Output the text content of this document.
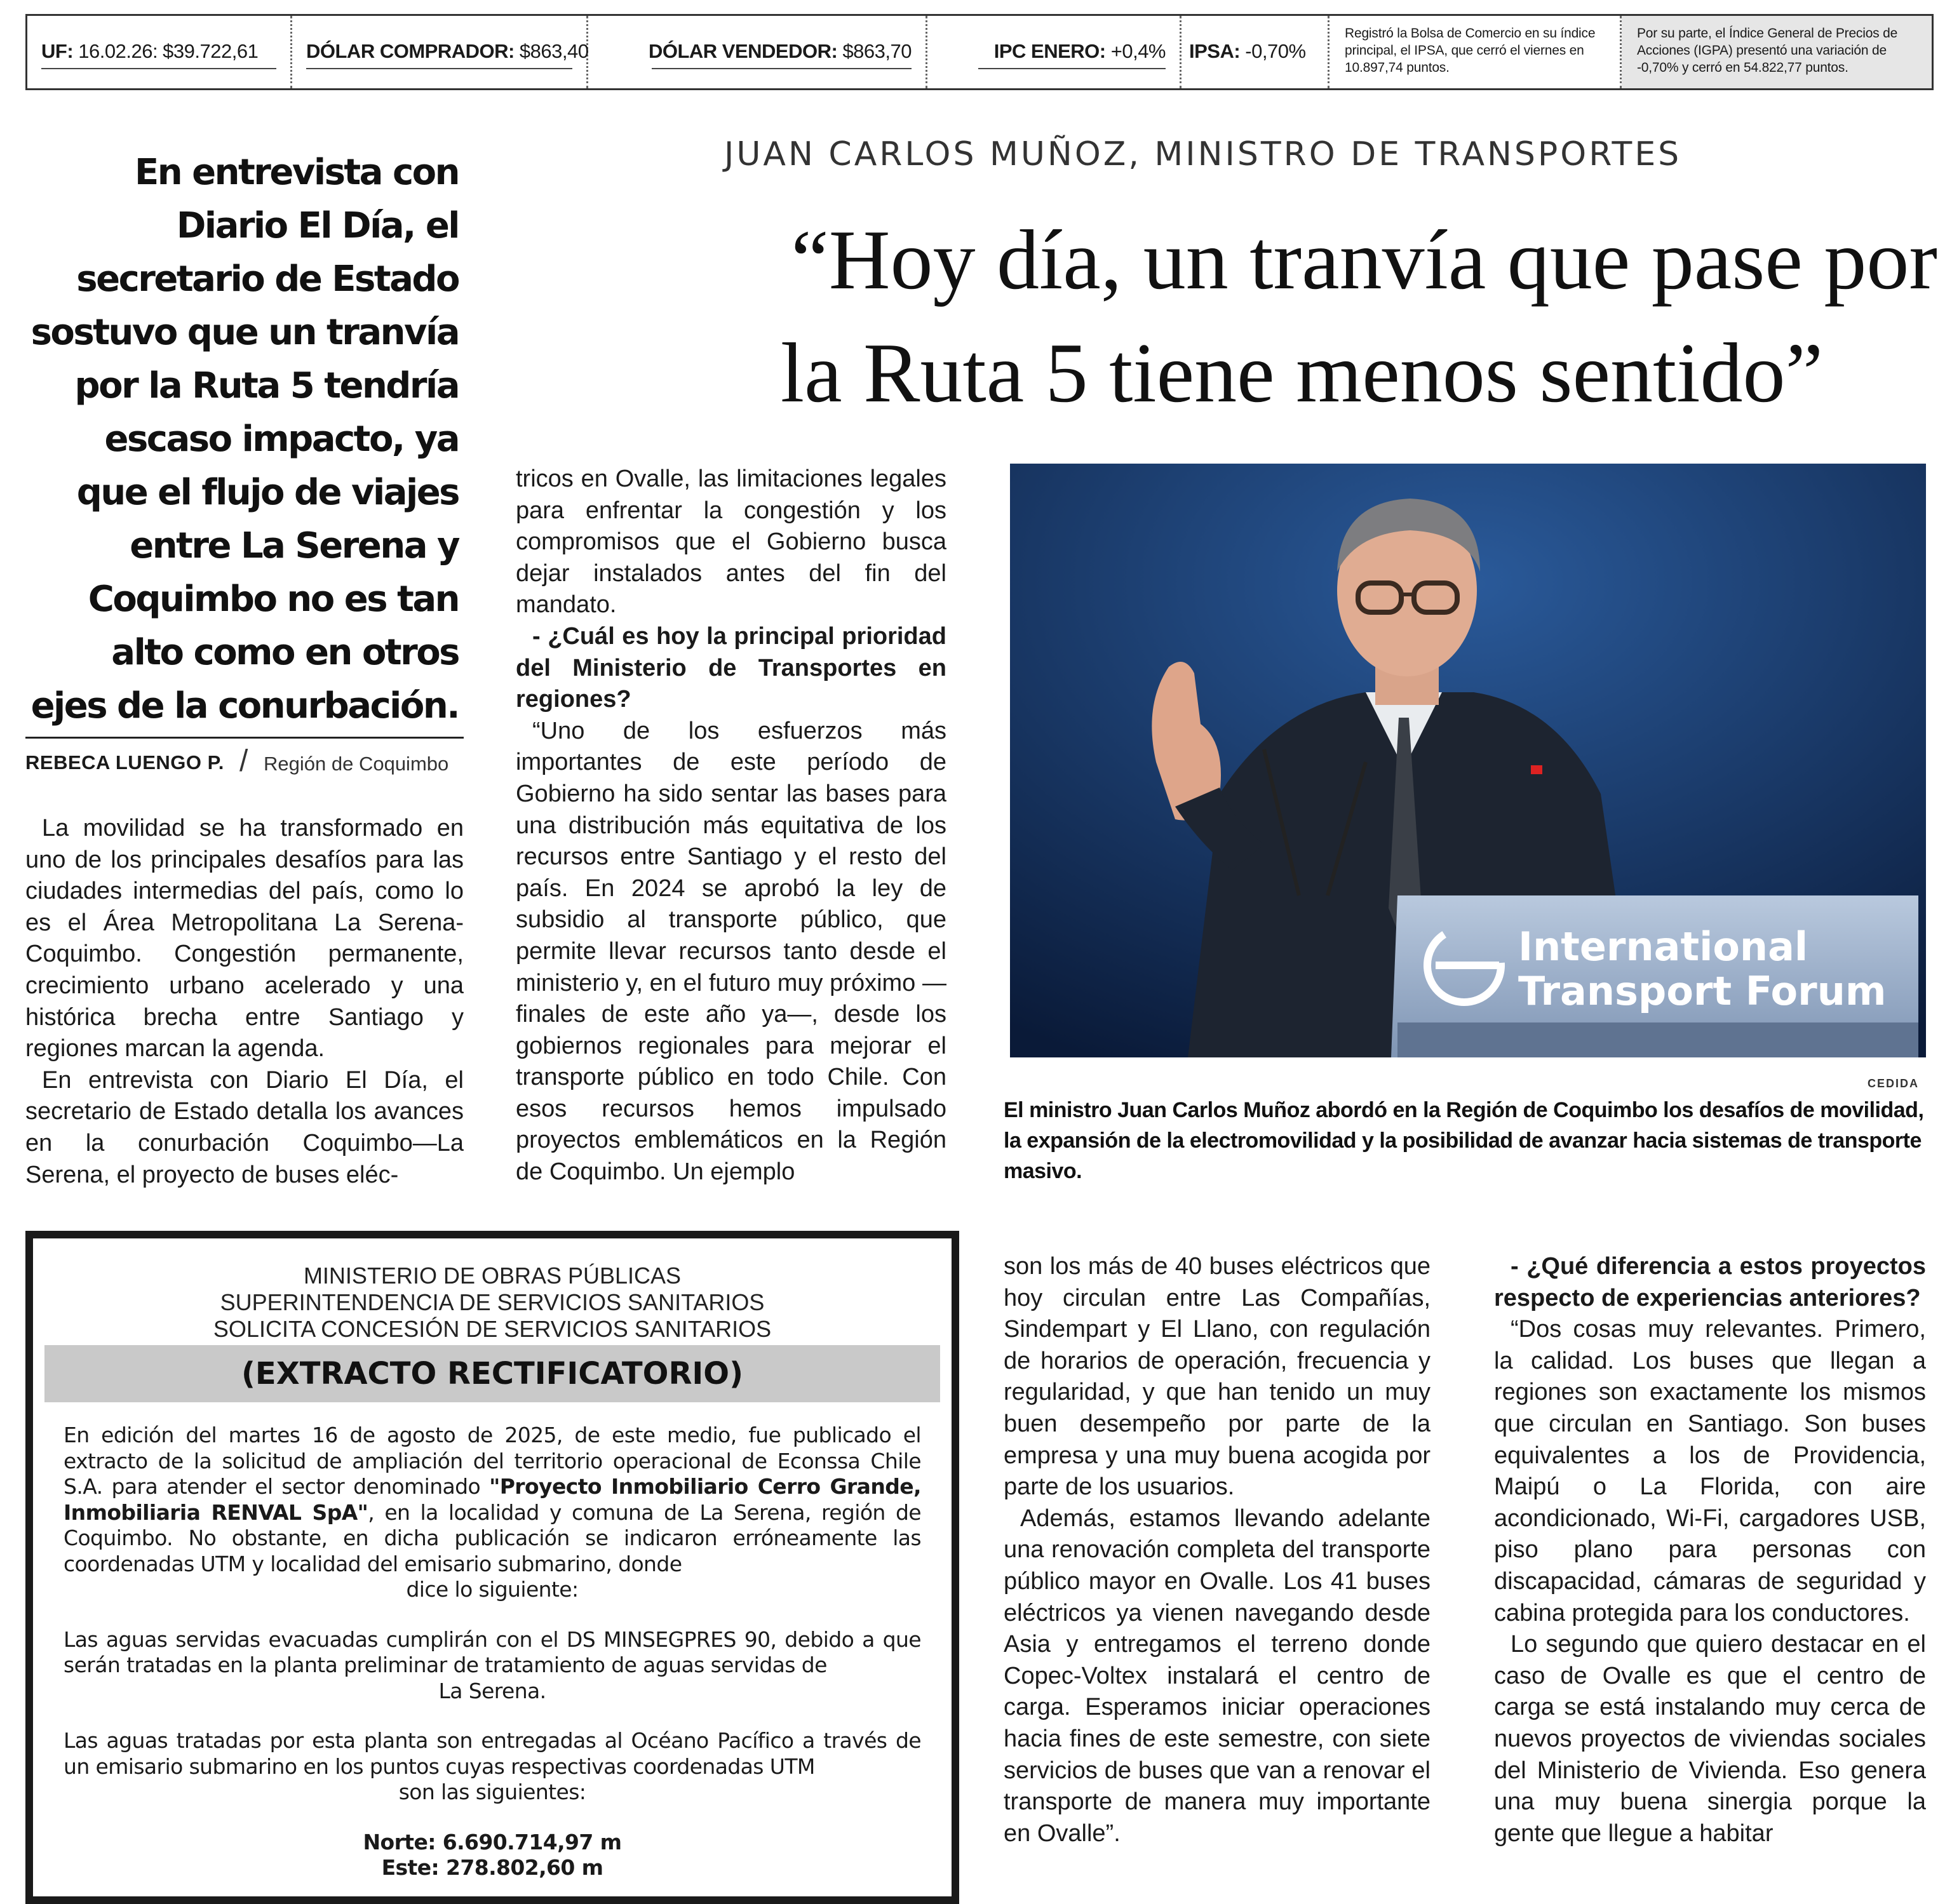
UF: 16.02.26: $39.722,61	DÓLAR COMPRADOR: $863,40	DÓLAR VENDEDOR: $863,70	IPC ENERO: +0,4%	IPSA: -0,70%
Registró la Bolsa de Comercio en su índice principal, el IPSA, que cerró el viernes en 10.897,74 puntos.
Por su parte, el Índice General de Precios de Acciones (IGPA) presentó una variación de -0,70% y cerró en 54.822,77 puntos.
JUAN CARLOS MUÑOZ, MINISTRO DE TRANSPORTES
“Hoy día, un tranvía que pase por
la Ruta 5 tiene menos sentido”
En entrevista con Diario El Día, el secretario de Estado sostuvo que un tranvía por la Ruta 5 tendría escaso impacto, ya que el flujo de viajes entre La Serena y Coquimbo no es tan alto como en otros ejes de la conurbación.
REBECA LUENGO P. / Región de Coquimbo

La movilidad se ha transformado en uno de los principales desafíos para las ciudades intermedias del país, como lo es el Área Metropolitana La Serena-Coquimbo. Congestión permanente, crecimiento urbano acelerado y una histórica brecha entre Santiago y regiones marcan la agenda.

En entrevista con Diario El Día, el secretario de Estado detalla los avances en la conurbación Coquimbo—La Serena, el proyecto de buses eléc-

tricos en Ovalle, las limitaciones legales para enfrentar la congestión y los compromisos que el Gobierno busca dejar instalados antes del fin del mandato.

- ¿Cuál es hoy la principal prioridad del Ministerio de Transportes en regiones?

“Uno de los esfuerzos más importantes de este período de Gobierno ha sido sentar las bases para una distribución más equitativa de los recursos entre Santiago y el resto del país. En 2024 se aprobó la ley de subsidio al transporte público, que permite llevar recursos tanto desde el ministerio y, en el futuro muy próximo —finales de este año ya—, desde los gobiernos regionales para mejorar el transporte público en todo Chile. Con esos recursos hemos impulsado proyectos emblemáticos en la Región de Coquimbo. Un ejemplo

son los más de 40 buses eléctricos que hoy circulan entre Las Compañías, Sindempart y El Llano, con regulación de horarios de operación, frecuencia y regularidad, y que han tenido un muy buen desempeño por parte de la empresa y una muy buena acogida por parte de los usuarios.

Además, estamos llevando adelante una renovación completa del transporte público mayor en Ovalle. Los 41 buses eléctricos ya vienen navegando desde Asia y entregamos el terreno donde Copec-Voltex instalará el centro de carga. Esperamos iniciar operaciones hacia fines de este semestre, con siete servicios de buses que van a renovar el transporte de manera muy importante en Ovalle”.

- ¿Qué diferencia a estos proyectos respecto de experiencias anteriores?

“Dos cosas muy relevantes. Primero, la calidad. Los buses que llegan a regiones son exactamente los mismos que circulan en Santiago. Son buses equivalentes a los de Providencia, Maipú o La Florida, con aire acondicionado, Wi-Fi, cargadores USB, piso plano para personas con discapacidad, cámaras de seguridad y cabina protegida para los conductores.

Lo segundo que quiero destacar en el caso de Ovalle es que el centro de carga se está instalando muy cerca de nuevos proyectos de viviendas sociales del Ministerio de Vivienda. Eso genera una muy buena sinergia porque la gente que llegue a habitar

International
Transport Forum
CEDIDA
El ministro Juan Carlos Muñoz abordó en la Región de Coquimbo los desafíos de movilidad, la expansión de la electromovilidad y la posibilidad de avanzar hacia sistemas de transporte masivo.
MINISTERIO DE OBRAS PÚBLICAS
SUPERINTENDENCIA DE SERVICIOS SANITARIOS
SOLICITA CONCESIÓN DE SERVICIOS SANITARIOS
(EXTRACTO RECTIFICATORIO)

En edición del martes 16 de agosto de 2025, de este medio, fue publicado el extracto de la solicitud de ampliación del territorio operacional de Econssa Chile S.A. para atender el sector denominado "Proyecto Inmobiliario Cerro Grande, Inmobiliaria RENVAL SpA", en la localidad y comuna de La Serena, región de Coquimbo. No obstante, en dicha publicación se indicaron erróneamente las coordenadas UTM y localidad del emisario submarino, donde
dice lo siguiente:

Las aguas servidas evacuadas cumplirán con el DS MINSEGPRES 90, debido a que serán tratadas en la planta preliminar de tratamiento de aguas servidas de
La Serena.

Las aguas tratadas por esta planta son entregadas al Océano Pacífico a través de un emisario submarino en los puntos cuyas respectivas coordenadas UTM
son las siguientes:

Norte: 6.690.714,97 m

Este: 278.802,60 m
